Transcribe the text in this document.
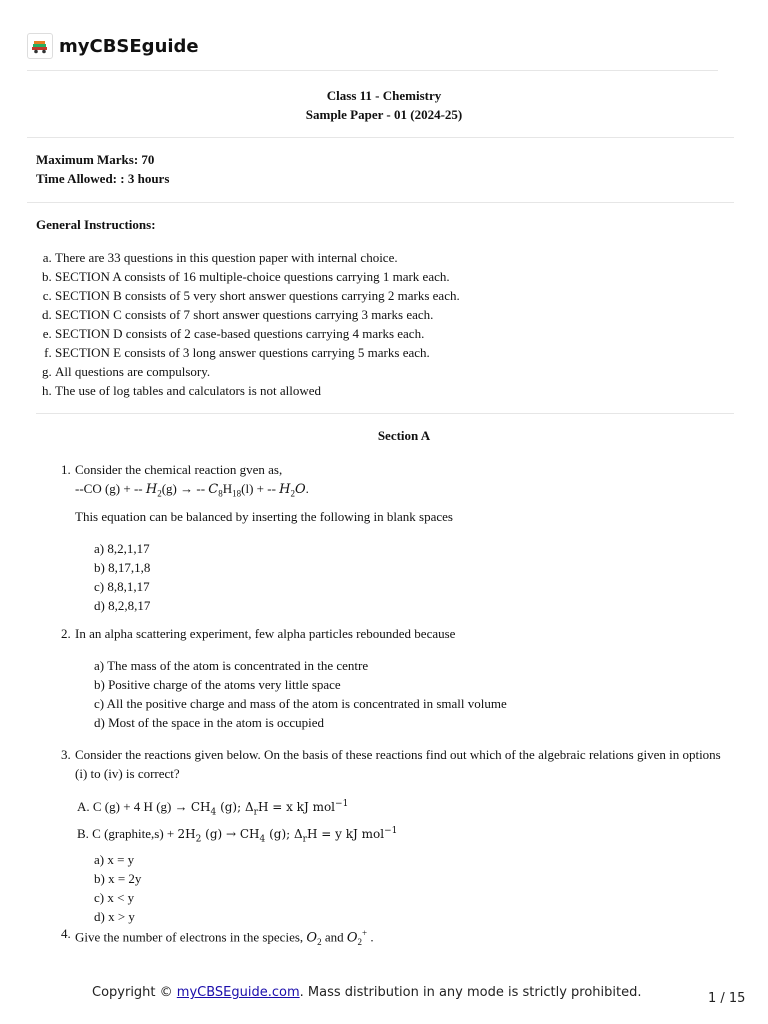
myCBSEguide
Class 11 - Chemistry
Sample Paper - 01 (2024-25)
Maximum Marks: 70
Time Allowed: : 3 hours
General Instructions:
a. There are 33 questions in this question paper with internal choice.
b. SECTION A consists of 16 multiple-choice questions carrying 1 mark each.
c. SECTION B consists of 5 very short answer questions carrying 2 marks each.
d. SECTION C consists of 7 short answer questions carrying 3 marks each.
e. SECTION D consists of 2 case-based questions carrying 4 marks each.
f. SECTION E consists of 3 long answer questions carrying 5 marks each.
g. All questions are compulsory.
h. The use of log tables and calculators is not allowed
Section A
1. Consider the chemical reaction gven as,
--CO (g) + -- $H_2(g)$ → -- $C_8H_{18}(l)$ + -- $H_2O$.
This equation can be balanced by inserting the following in blank spaces
a) 8,2,1,17
b) 8,17,1,8
c) 8,8,1,17
d) 8,2,8,17
2. In an alpha scattering experiment, few alpha particles rebounded because
a) The mass of the atom is concentrated in the centre
b) Positive charge of the atoms very little space
c) All the positive charge and mass of the atom is concentrated in small volume
d) Most of the space in the atom is occupied
3. Consider the reactions given below. On the basis of these reactions find out which of the algebraic relations given in options (i) to (iv) is correct?
A. C (g) + 4 H $(g) \to CH_4$ (g); $\Delta_rH = x$ kJ mol$^{-1}$
B. C (graphite,s) + $2H_2$ $(g) \to CH_4$ (g); $\Delta_rH = y$ kJ mol$^{-1}$
a) x = y
b) x = 2y
c) x < y
d) x > y
4. Give the number of electrons in the species, $O_2$ and $O_2^+$ .
Copyright © myCBSEguide.com. Mass distribution in any mode is strictly prohibited.	1 / 15
